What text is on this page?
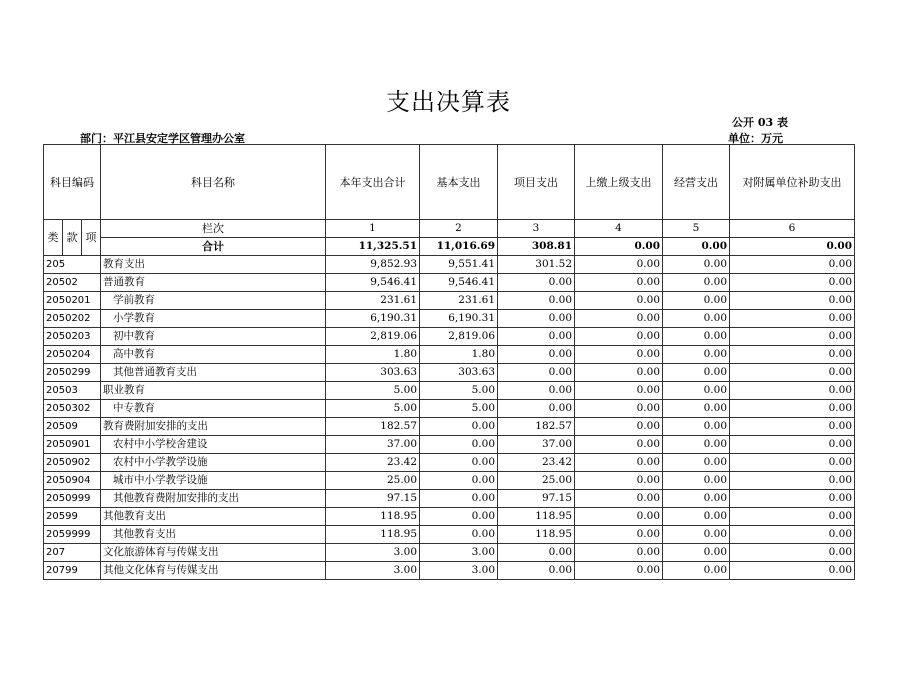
支出决算表
公开 03 表
部门：平江县安定学区管理办公室	单位：万元
科目编码			科目名称	本年支出合计	基本支出	项目支出	上缴上级支出	经营支出	对附属单位补助支出
类	款	项	栏次	1	2	3	4	5	6
			合计	11,325.51	11,016.69	308.81	0.00	0.00	0.00
205			教育支出	9,852.93	9,551.41	301.52	0.00	0.00	0.00
20502			普通教育	9,546.41	9,546.41	0.00	0.00	0.00	0.00
2050201			学前教育	231.61	231.61	0.00	0.00	0.00	0.00
2050202			小学教育	6,190.31	6,190.31	0.00	0.00	0.00	0.00
2050203			初中教育	2,819.06	2,819.06	0.00	0.00	0.00	0.00
2050204			高中教育	1.80	1.80	0.00	0.00	0.00	0.00
2050299			其他普通教育支出	303.63	303.63	0.00	0.00	0.00	0.00
20503			职业教育	5.00	5.00	0.00	0.00	0.00	0.00
2050302			中专教育	5.00	5.00	0.00	0.00	0.00	0.00
20509			教育费附加安排的支出	182.57	0.00	182.57	0.00	0.00	0.00
2050901			农村中小学校舍建设	37.00	0.00	37.00	0.00	0.00	0.00
2050902			农村中小学教学设施	23.42	0.00	23.42	0.00	0.00	0.00
2050904			城市中小学教学设施	25.00	0.00	25.00	0.00	0.00	0.00
2050999			其他教育费附加安排的支出	97.15	0.00	97.15	0.00	0.00	0.00
20599			其他教育支出	118.95	0.00	118.95	0.00	0.00	0.00
2059999			其他教育支出	118.95	0.00	118.95	0.00	0.00	0.00
207			文化旅游体育与传媒支出	3.00	3.00	0.00	0.00	0.00	0.00
20799			其他文化体育与传媒支出	3.00	3.00	0.00	0.00	0.00	0.00
